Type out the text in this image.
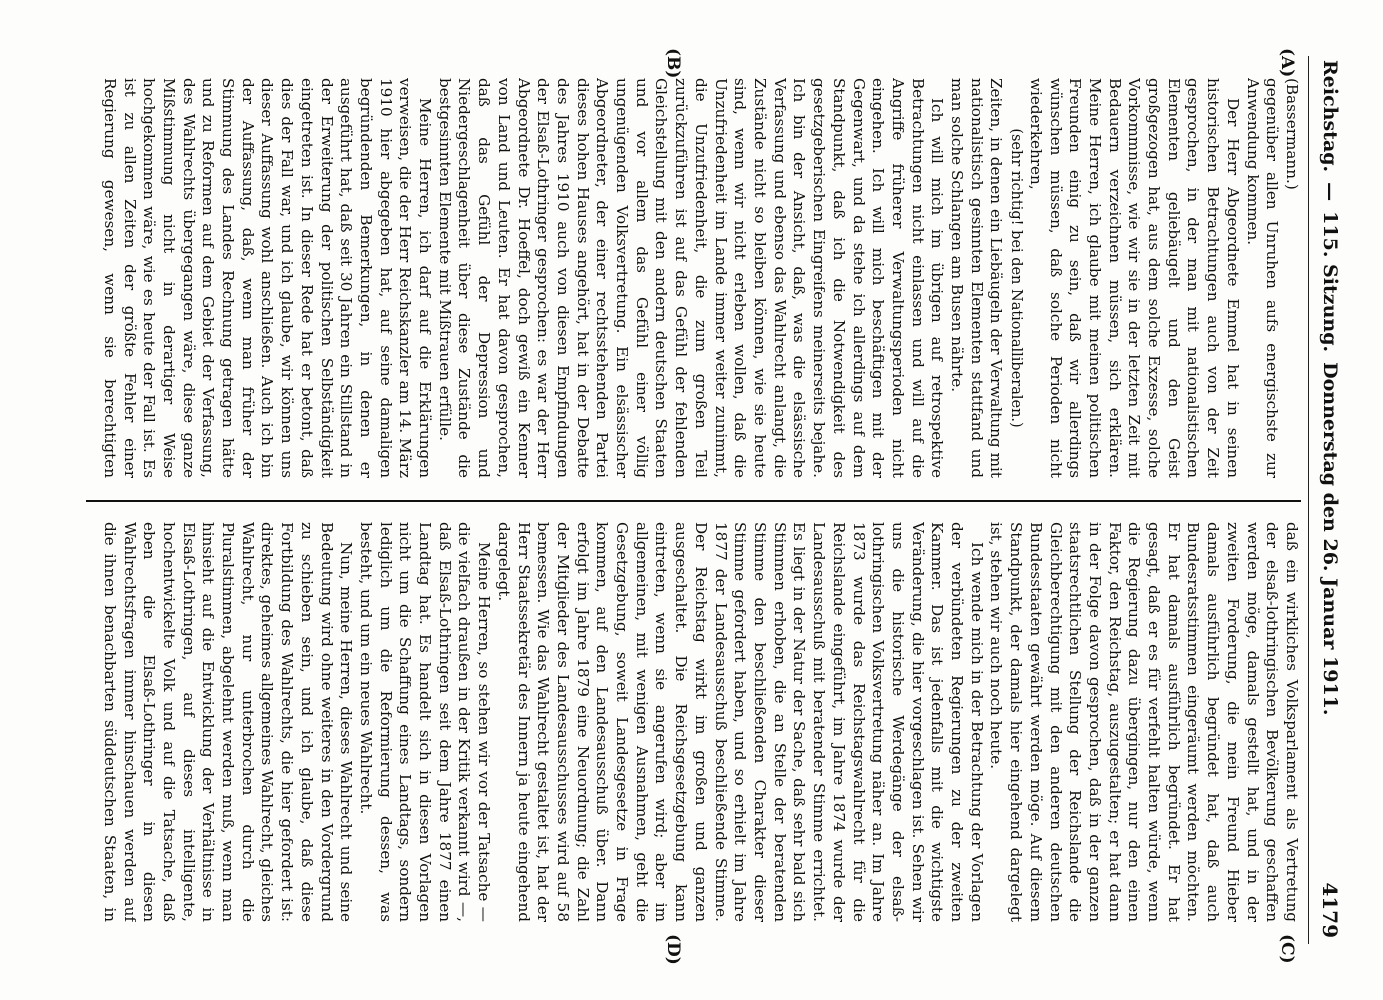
Reichstag.
—
115. Sitzung.
Donnerstag den 26. Januar 1911.
4179
(A)
(B)
(C)
(D)

(Bassermann.)

gegenüber allen Unruhen aufs energischste zur Anwendung kommen.

Der Herr Abgeordnete Emmel hat in seinen historischen Betrachtungen auch von der Zeit gesprochen, in der man mit nationalistischen Elementen geliebäugelt und den Geist großgezogen hat, aus dem solche Exzesse, solche Vorkommnisse, wie wir sie in der letzten Zeit mit Bedauern verzeichnen müssen, sich erklären. Meine Herren, ich glaube mit meinen politischen Freunden einig zu sein, daß wir allerdings wünschen müssen, daß solche Perioden nicht wiederkehren,

(sehr richtig! bei den Nationalliberalen.)

Zeiten, in denen ein Liebäugeln der Verwaltung mit nationalistisch gesinnten Elementen stattfand und man solche Schlangen am Busen nährte.

Ich will mich im übrigen auf retrospektive Betrachtungen nicht einlassen und will auf die Angriffe früherer Verwaltungsperioden nicht eingehen. Ich will mich beschäftigen mit der Gegenwart, und da stehe ich allerdings auf dem Standpunkt, daß ich die Notwendigkeit des gesetzgeberischen Eingreifens meinerseits bejahe. Ich bin der Ansicht, daß, was die elsässische Verfassung und ebenso das Wahlrecht anlangt, die Zustände nicht so bleiben können, wie sie heute sind, wenn wir nicht erleben wollen, daß die Unzufriedenheit im Lande immer weiter zunimmt, die Unzufriedenheit, die zum großen Teil zurückzuführen ist auf das Gefühl der fehlenden Gleichstellung mit den andern deutschen Staaten und vor allem das Gefühl einer völlig ungenügenden Volksvertretung. Ein elsässischer Abgeordneter, der einer rechtsstehenden Partei dieses hohen Hauses angehört, hat in der Debatte des Jahres 1910 auch von diesen Empfindungen der Elsaß-Lothringer gesprochen: es war der Herr Abgeordnete Dr. Hoeffel, doch gewiß ein Kenner von Land und Leuten. Er hat davon gesprochen, daß das Gefühl der Depression und Niedergeschlagenheit über diese Zustände die bestgesinnten Elemente mit Mißtrauen erfülle.

Meine Herren, ich darf auf die Erklärungen verweisen, die der Herr Reichskanzler am 14. März 1910 hier abgegeben hat, auf seine damaligen begründenden Bemerkungen, in denen er ausgeführt hat, daß seit 30 Jahren ein Stillstand in der Erweiterung der politischen Selbständigkeit eingetreten ist. In dieser Rede hat er betont, daß dies der Fall war, und ich glaube, wir können uns dieser Auffassung wohl anschließen. Auch ich bin der Auffassung, daß, wenn man früher der Stimmung des Landes Rechnung getragen hätte und zu Reformen auf dem Gebiet der Verfassung, des Wahlrechts übergegangen wäre, diese ganze Mißstimmung nicht in derartiger Weise hochgekommen wäre, wie es heute der Fall ist. Es ist zu allen Zeiten der größte Fehler einer Regierung gewesen, wenn sie berechtigten

daß ein wirkliches Volksparlament als Vertretung der elsaß-lothringischen Bevölkerung geschaffen werden möge, damals gestellt hat, und in der zweiten Forderung, die mein Freund Hieber damals ausführlich begründet hat, daß auch Bundesratsstimmen eingeräumt werden möchten. Er hat damals ausführlich begründet. Er hat gesagt, daß er es für verfehlt halten würde, wenn die Regierung dazu übergingen, nur den einen Faktor, den Reichstag, auszugestalten; er hat dann in der Folge davon gesprochen, daß in der ganzen staatsrechtlichen Stellung der Reichslande die Gleichberechtigung mit den anderen deutschen Bundesstaaten gewährt werden möge. Auf diesem Standpunkt, der damals hier eingehend dargelegt ist, stehen wir auch noch heute.

Ich wende mich in der Betrachtung der Vorlagen der verbündeten Regierungen zu der zweiten Kammer. Das ist jedenfalls mit die wichtigste Veränderung, die hier vorgeschlagen ist. Sehen wir uns die historische Werdegänge der elsaß-lothringischen Volksvertretung näher an. Im Jahre 1873 wurde das Reichstagswahlrecht für die Reichslande eingeführt, im Jahre 1874 wurde der Landesausschuß mit beratender Stimme errichtet. Es liegt in der Natur der Sache, daß sehr bald sich Stimmen erhoben, die an Stelle der beratenden Stimme den beschließenden Charakter dieser Stimme gefordert haben, und so erhielt im Jahre 1877 der Landesausschuß beschließende Stimme. Der Reichstag wirkt im großen und ganzen ausgeschaltet. Die Reichsgesetzgebung kann eintreten, wenn sie angerufen wird; aber im allgemeinen, mit wenigen Ausnahmen, geht die Gesetzgebung, soweit Landesgesetze in Frage kommen, auf den Landesausschuß über. Dann erfolgt im Jahre 1879 eine Neuordnung; die Zahl der Mitglieder des Landesausschusses wird auf 58 bemessen. Wie das Wahlrecht gestaltet ist, hat der Herr Staatssekretär des Innern ja heute eingehend dargelegt.

Meine Herren, so stehen wir vor der Tatsache — die vielfach draußen in der Kritik verkannt wird —, daß Elsaß-Lothringen seit dem Jahre 1877 einen Landtag hat. Es handelt sich in diesen Vorlagen nicht um die Schaffung eines Landtags, sondern lediglich um die Reformierung dessen, was besteht, und um ein neues Wahlrecht.

Nun, meine Herren, dieses Wahlrecht und seine Bedeutung wird ohne weiteres in den Vordergrund zu schieben sein, und ich glaube, daß diese Fortbildung des Wahlrechts, die hier gefordert ist: direktes, geheimes allgemeines Wahlrecht, gleiches Wahlrecht, nur unterbrochen durch die Pluralstimmen, abgelehnt werden muß, wenn man hinsieht auf die Entwicklung der Verhältnisse in Elsaß-Lothringen, auf dieses intelligente, hochentwickelte Volk und auf die Tatsache, daß eben die Elsaß-Lothringer in diesen Wahlrechtsfragen immer hinschauen werden auf die ihnen benachbarten süddeutschen Staaten, in
